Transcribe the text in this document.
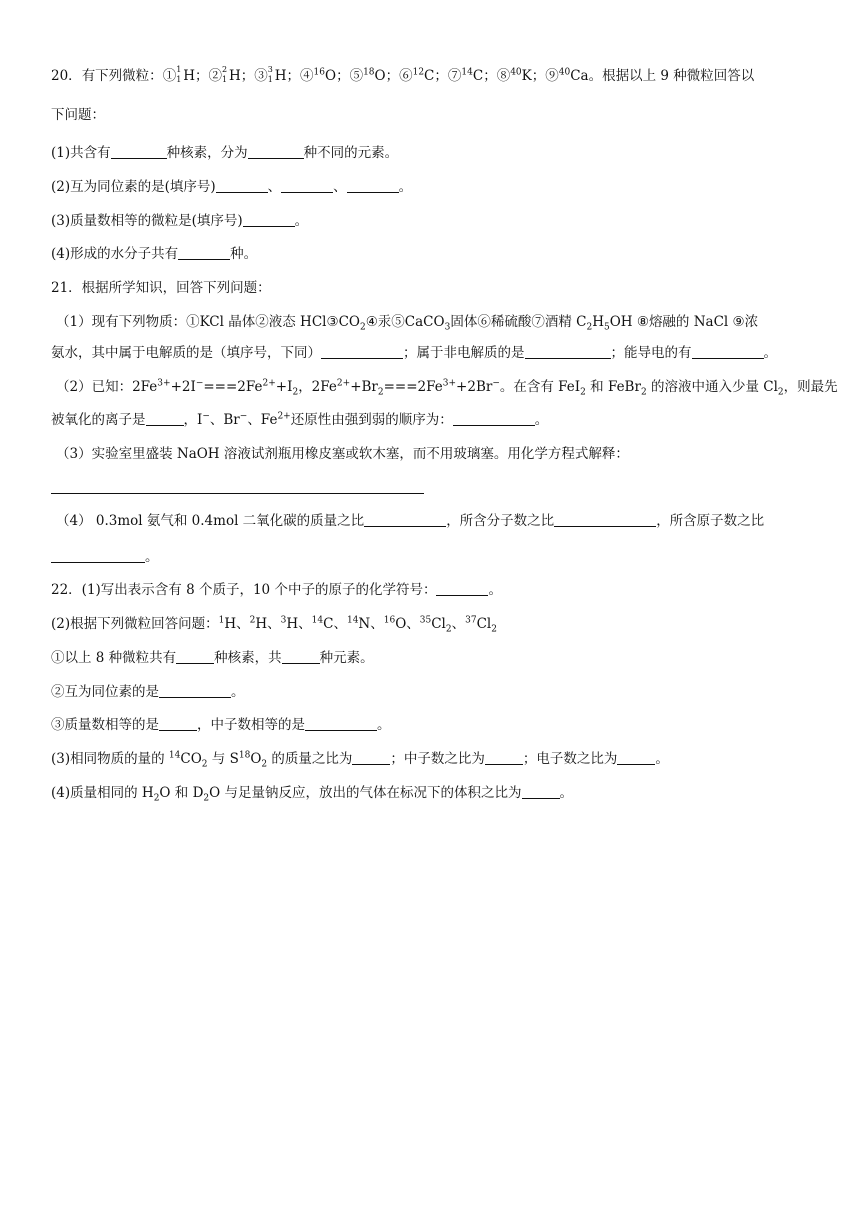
20．有下列微粒：① 1
1 H；② 2
1 H；③ 3
1 H；④$^{16}$O；⑤$^{18}$O；⑥$^{12}$C；⑦$^{14}$C；⑧$^{40}$K；⑨$^{40}$Ca。根据以上 9 种微粒回答以
下问题：
(1)共含有	种核素，分为	种不同的元素。
(2)互为同位素的是(填序号)	、	、	。
(3)质量数相等的微粒是(填序号)	。
(4)形成的水分子共有	种。
21．根据所学知识，回答下列问题：
（1）现有下列物质：①KCl 晶体②液态 $HCl③CO_2④$汞⑤CaCO$_3$固体⑥稀硫酸⑦酒精 $C_2H_5OH$ ⑧熔融的 NaCl ⑨浓
氨水，其中属于电解质的是（填序号，下同）	；属于非电解质的是	；能导电的有	。
（2）已知：$2Fe^{3+}+2I^-===2Fe^{2+}+I_2$，$2Fe^{2+}+Br_2===2Fe^{3+}+2Br^-$。在含有 FeI$_2$ 和 FeBr$_2$ 的溶液中通入少量 $Cl_2$，则最先
被氧化的离子是	，I−、Br−、$Fe^{2+}$还原性由强到弱的顺序为：	。
（3）实验室里盛装 NaOH 溶液试剂瓶用橡皮塞或软木塞，而不用玻璃塞。用化学方程式解释：
（4） 0.3mol 氨气和 0.4mol 二氧化碳的质量之比	，所含分子数之比	，所含原子数之比
。
22．(1)写出表示含有 8 个质子，10 个中子的原子的化学符号：	。
(2)根据下列微粒回答问题：$^1$H、$^2$H、$^3$H、$^{14}$C、$^{14}$N、$^{16}$O、$^{35}Cl_2$、$^{37}Cl_2$
①以上 8 种微粒共有	种核素，共	种元素。
②互为同位素的是	。
③质量数相等的是	，中子数相等的是	。
(3)相同物质的量的 $^{14}CO_2$ 与 $S^{18}O_2$ 的质量之比为	；中子数之比为	；电子数之比为	。
(4)质量相同的 $H_2O$ 和 $D_2O$ 与足量钠反应，放出的气体在标况下的体积之比为	。
